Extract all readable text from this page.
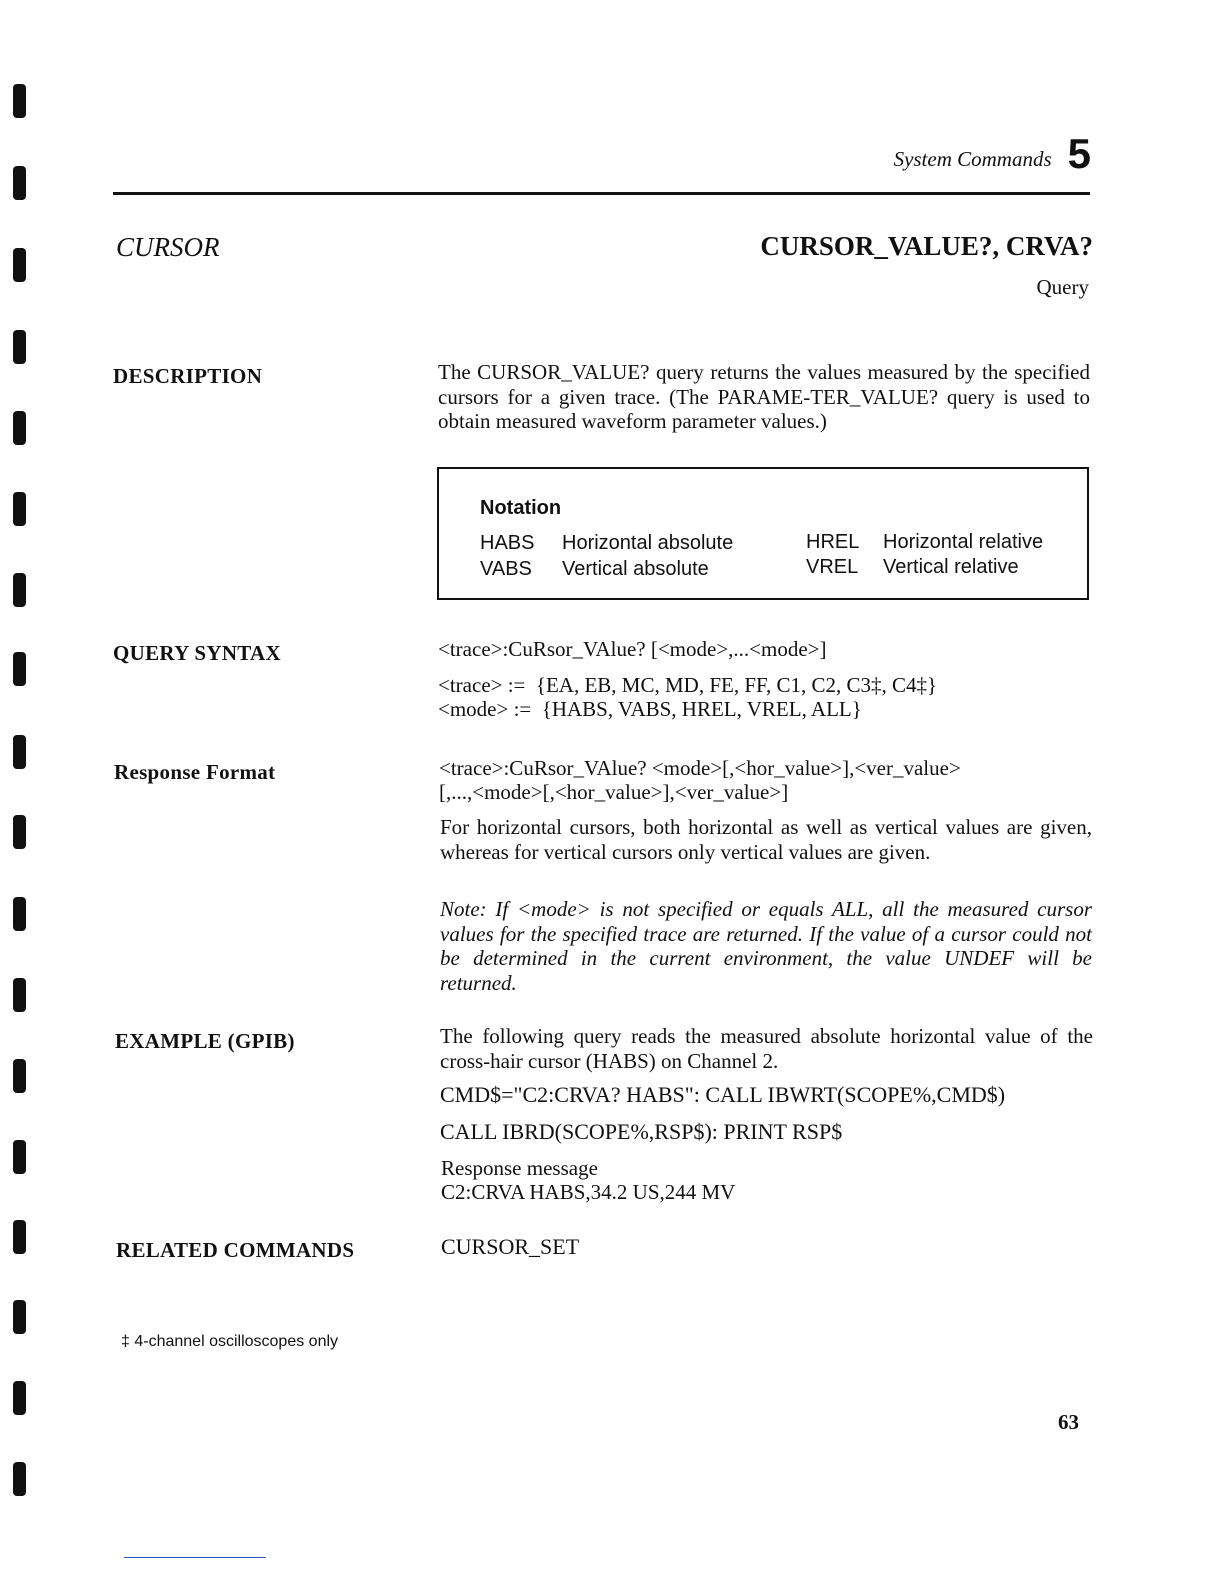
System Commands 5
CURSOR	CURSOR_VALUE?, CRVA?
Query
DESCRIPTION	The CURSOR_VALUE? query returns the values measured by the specified cursors for a given trace. (The PARAME-TER_VALUE? query is used to obtain measured waveform parameter values.)
Notation
HABS Horizontal absolute	HREL Horizontal relative
VABS Vertical absolute	VREL Vertical relative
QUERY SYNTAX	<trace>:CuRsor_VAlue? [<mode>,...<mode>]
<trace> :=  {EA, EB, MC, MD, FE, FF, C1, C2, C3‡, C4‡}
<mode> :=  {HABS, VABS, HREL, VREL, ALL}
Response Format	<trace>:CuRsor_VAlue? <mode>[,<hor_value>],<ver_value>
[,...,<mode>[,<hor_value>],<ver_value>]
For horizontal cursors, both horizontal as well as vertical values are given, whereas for vertical cursors only vertical values are given.
Note: If <mode> is not specified or equals ALL, all the measured cursor values for the specified trace are returned. If the value of a cursor could not be determined in the current environment, the value UNDEF will be returned.
EXAMPLE (GPIB)	The following query reads the measured absolute horizontal value of the cross-hair cursor (HABS) on Channel 2.
CMD$="C2:CRVA? HABS": CALL IBWRT(SCOPE%,CMD$)
CALL IBRD(SCOPE%,RSP$): PRINT RSP$
Response message
C2:CRVA HABS,34.2 US,244 MV
RELATED COMMANDS	CURSOR_SET
‡ 4-channel oscilloscopes only
63
